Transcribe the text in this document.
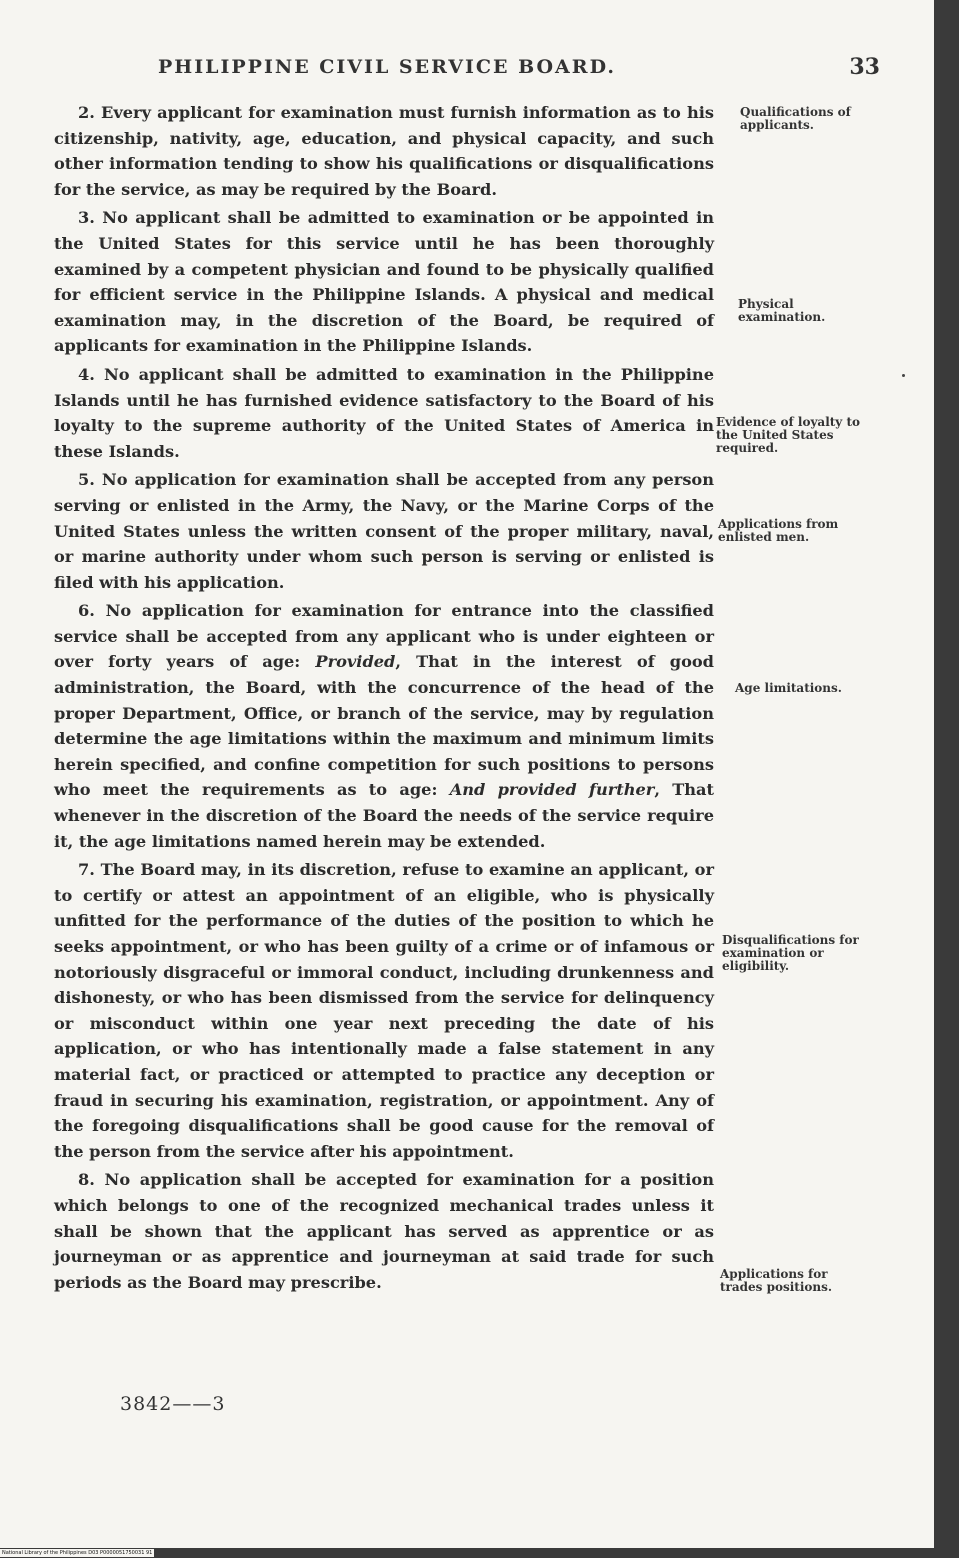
PHILIPPINE CIVIL SERVICE BOARD.	33

2. Every applicant for examination must furnish information as to his citizenship, nativity, age, education, and physical capacity, and such other information tending to show his qualifications or disqualifications for the service, as may be required by the Board.

3. No applicant shall be admitted to examination or be appointed in the United States for this service until he has been thoroughly examined by a competent physician and found to be physically qualified for efficient service in the Philippine Islands. A physical and medical examination may, in the discretion of the Board, be required of applicants for examination in the Philippine Islands.

4. No applicant shall be admitted to examination in the Philippine Islands until he has furnished evidence satisfactory to the Board of his loyalty to the supreme authority of the United States of America in these Islands.

5. No application for examination shall be accepted from any person serving or enlisted in the Army, the Navy, or the Marine Corps of the United States unless the written consent of the proper military, naval, or marine authority under whom such person is serving or enlisted is filed with his application.

6. No application for examination for entrance into the classified service shall be accepted from any applicant who is under eighteen or over forty years of age: Provided, That in the interest of good administration, the Board, with the concurrence of the head of the proper Department, Office, or branch of the service, may by regulation determine the age limitations within the maximum and minimum limits herein specified, and confine competition for such positions to persons who meet the requirements as to age: And provided further, That whenever in the discretion of the Board the needs of the service require it, the age limitations named herein may be extended.

7. The Board may, in its discretion, refuse to examine an applicant, or to certify or attest an appointment of an eligible, who is physically unfitted for the performance of the duties of the position to which he seeks appointment, or who has been guilty of a crime or of infamous or notoriously disgraceful or immoral conduct, including drunkenness and dishonesty, or who has been dismissed from the service for delinquency or misconduct within one year next preceding the date of his application, or who has intentionally made a false statement in any material fact, or practiced or attempted to practice any deception or fraud in securing his examination, registration, or appointment. Any of the foregoing disqualifications shall be good cause for the removal of the person from the service after his appointment.

8. No application shall be accepted for examination for a position which belongs to one of the recognized mechanical trades unless it shall be shown that the applicant has served as apprentice or as journeyman or as apprentice and journeyman at said trade for such periods as the Board may prescribe.

Qualifications of applicants.
Physical examination.
Evidence of loyalty to the United States required.
Applications from enlisted men.
Age limitations.
Disqualifications for examination or eligibility.
Applications for trades positions.
3842——3
National Library of the Philippines D03 P0000051750031 91
